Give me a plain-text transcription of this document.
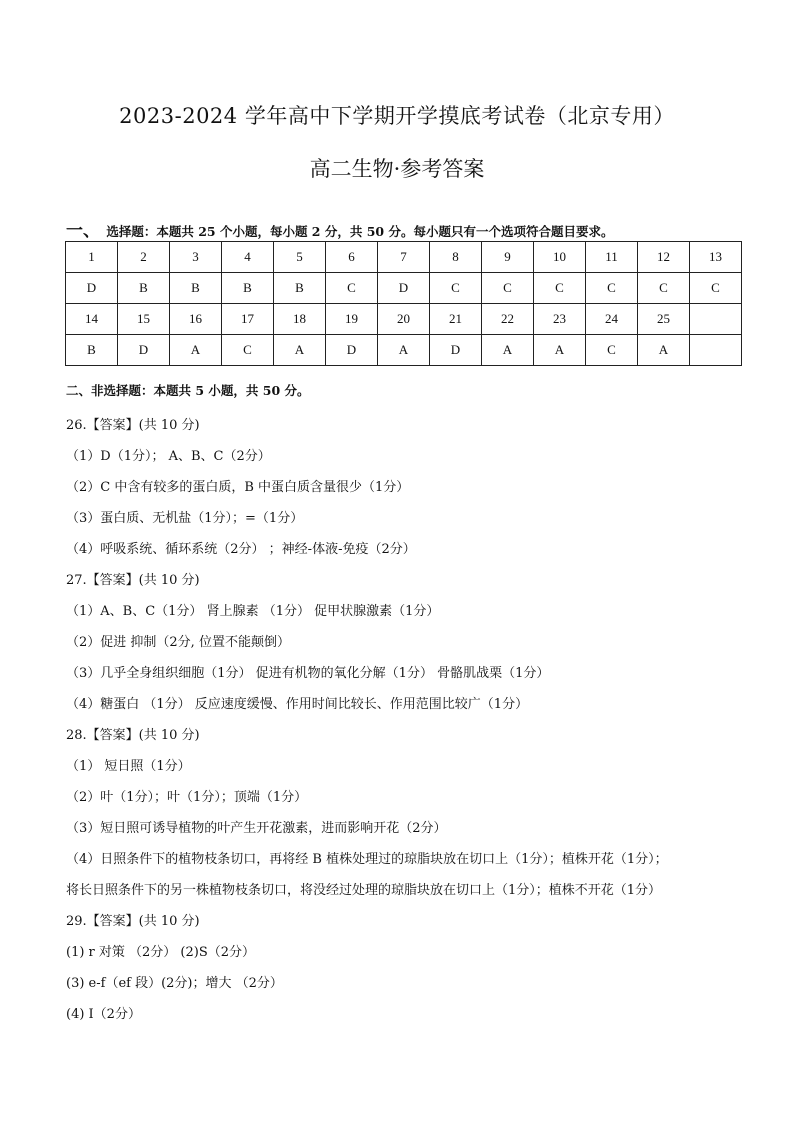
2023-2024 学年高中下学期开学摸底考试卷（北京专用）
高二生物·参考答案
一、 选择题：本题共 25 个小题，每小题 2 分，共 50 分。每小题只有一个选项符合题目要求。
1	2	3	4	5	6	7	8	9	10	11	12	13
D	B	B	B	B	C	D	C	C	C	C	C	C
14	15	16	17	18	19	20	21	22	23	24	25	
B	D	A	C	A	D	A	D	A	A	C	A	
二、非选择题：本题共 5 小题，共 50 分。
26.【答案】(共 10 分)
（1）D（1分）； A、B、C（2分）
（2）C 中含有较多的蛋白质，B 中蛋白质含量很少（1分）
（3）蛋白质、无机盐（1分）；=（1分）
（4）呼吸系统、循环系统（2分） ；神经-体液-免疫（2分）
27.【答案】(共 10 分)
（1）A、B、C（1分） 肾上腺素 （1分） 促甲状腺激素（1分）
（2）促进 抑制（2分, 位置不能颠倒）
（3）几乎全身组织细胞（1分） 促进有机物的氧化分解（1分） 骨骼肌战栗（1分）
（4）糖蛋白 （1分） 反应速度缓慢、作用时间比较长、作用范围比较广（1分）
28.【答案】(共 10 分)
（1） 短日照（1分）
（2）叶（1分）；叶（1分）；顶端（1分）
（3）短日照可诱导植物的叶产生开花激素，进而影响开花（2分）
（4）日照条件下的植物枝条切口，再将经 B 植株处理过的琼脂块放在切口上（1分）；植株开花（1分）；
将长日照条件下的另一株植物枝条切口，将没经过处理的琼脂块放在切口上（1分）；植株不开花（1分）
29.【答案】(共 10 分)
(1) r 对策 （2分） (2)S（2分）
(3) e-f（ef 段）(2分)；增大 （2分）
(4) Ⅰ（2分）
